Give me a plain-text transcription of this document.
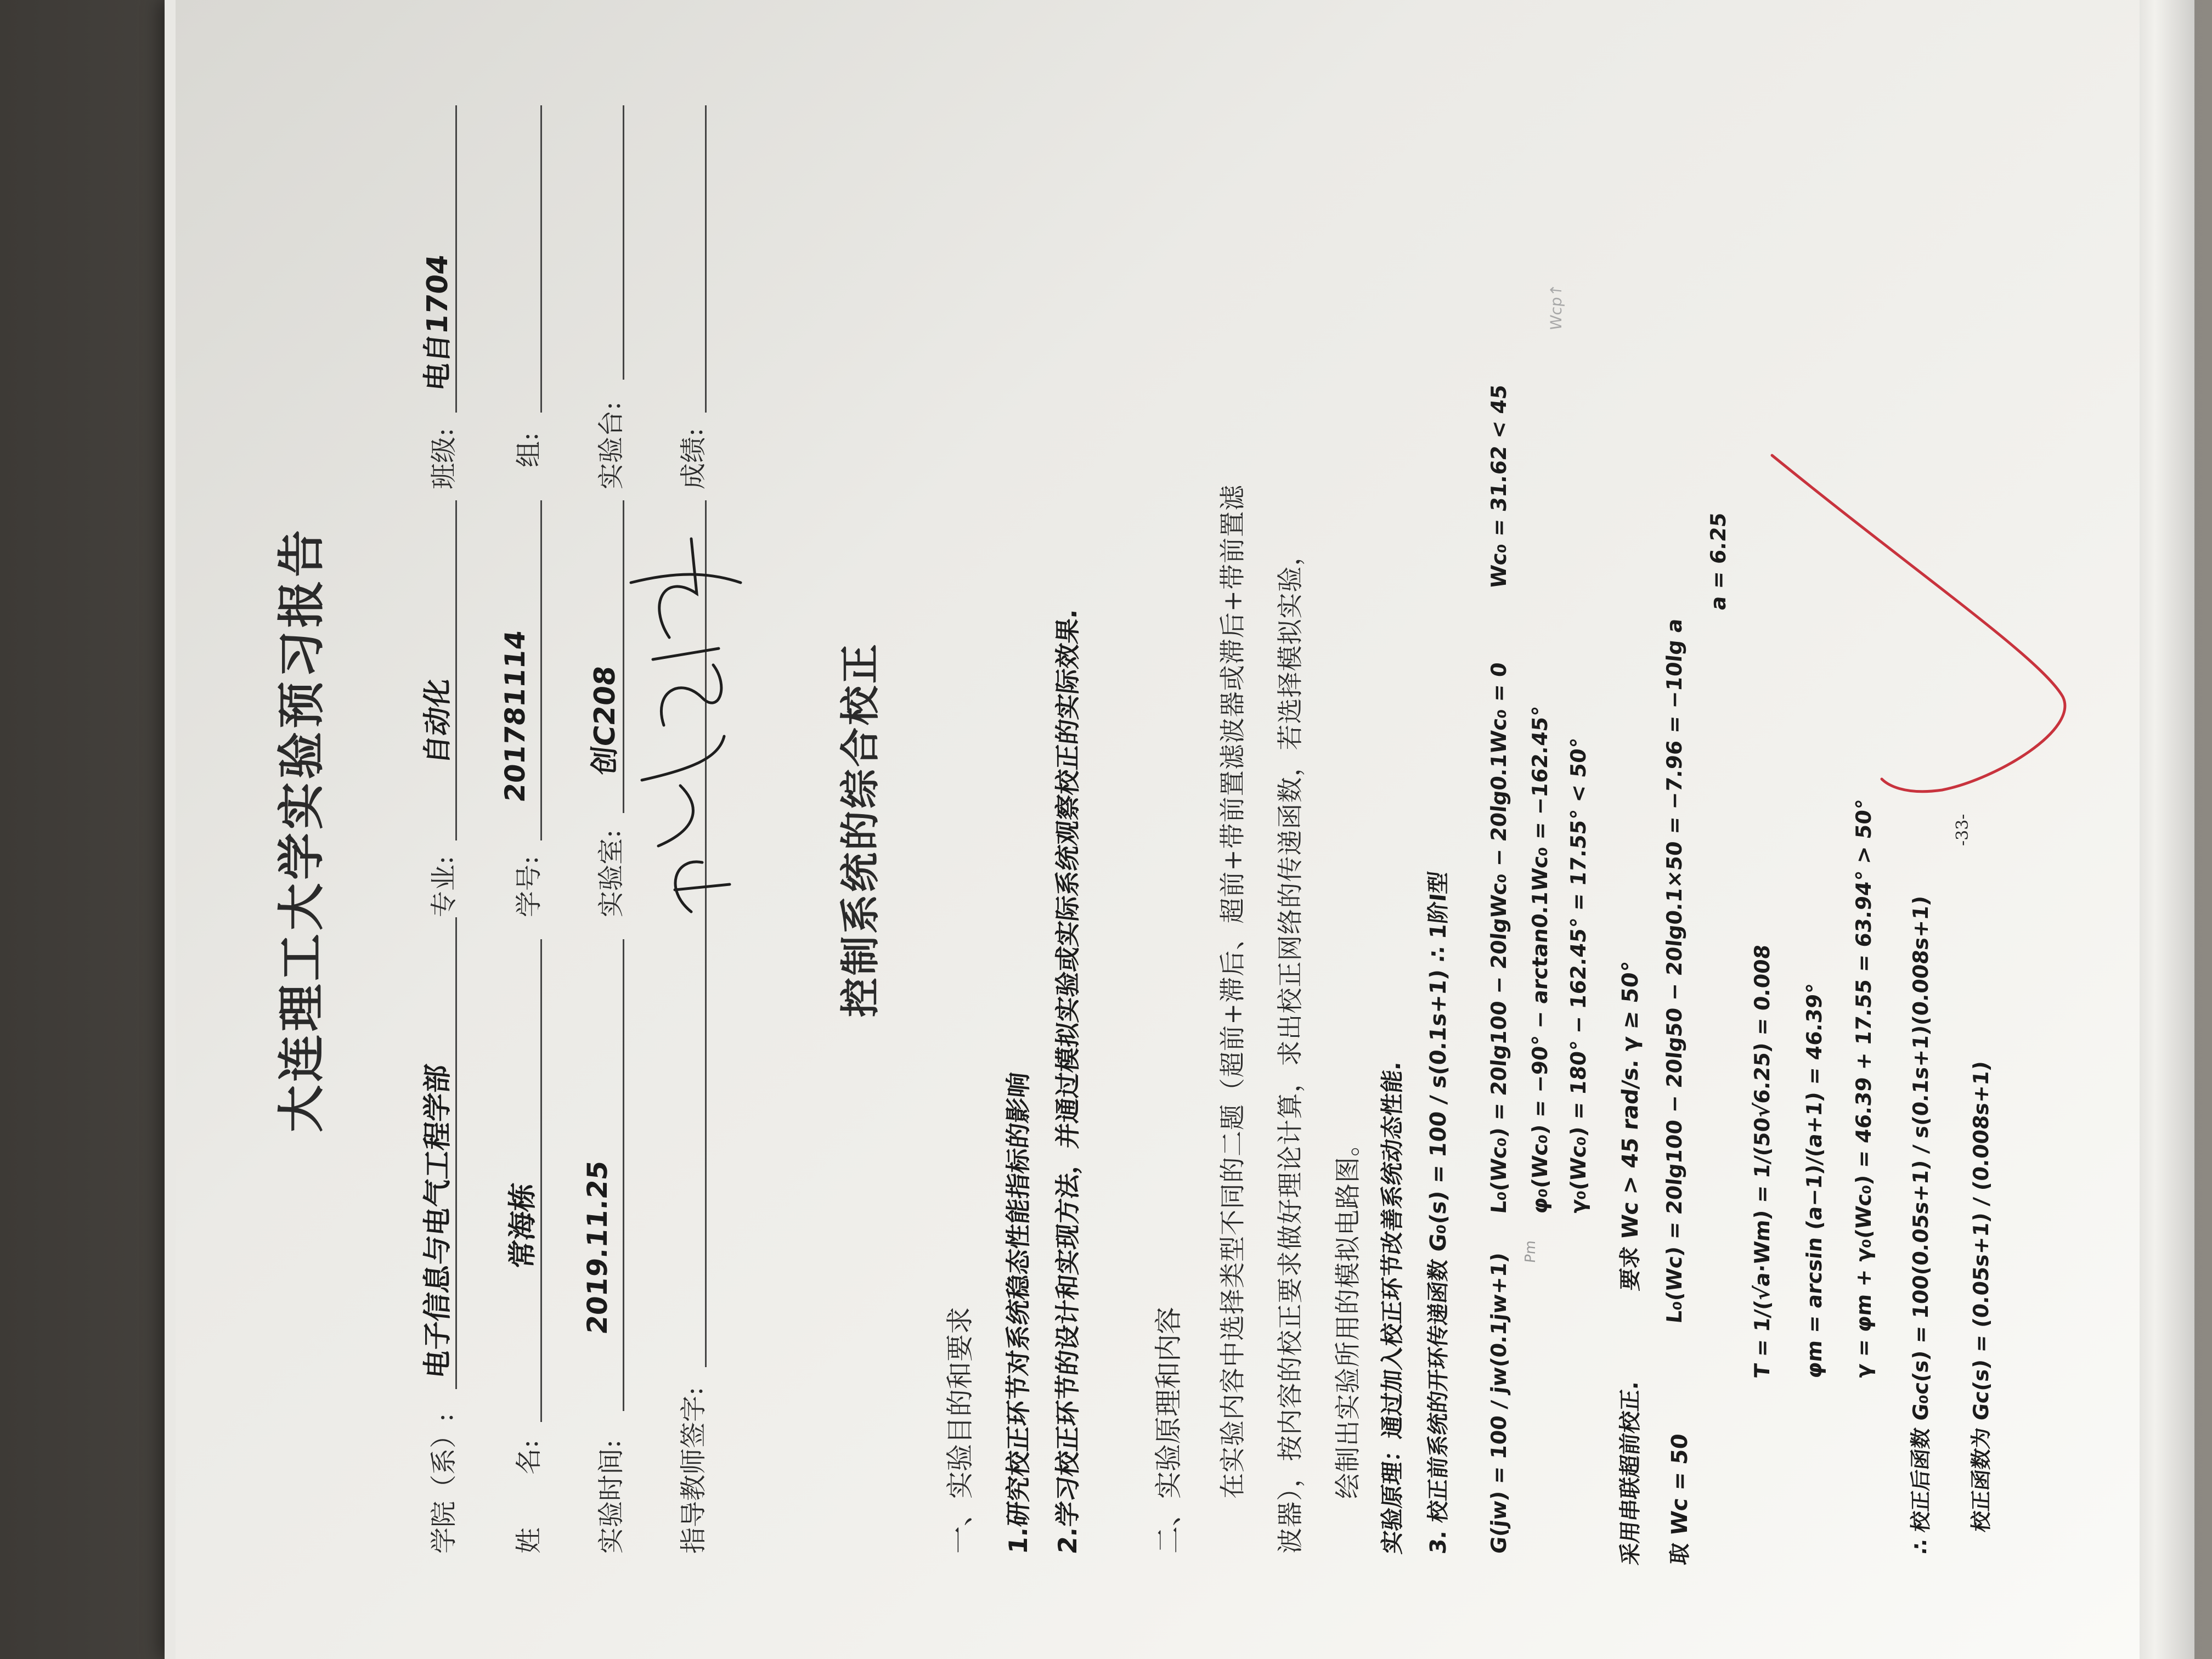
大连理工大学实验预习报告
学院（系）:
电子信息与电气工程学部
专业:
自动化
班级:
电自1704
姓　　名:
常海栋
学号:
201781114
组:
实验时间:
2019.11.25
实验室:
创C208
实验台:
指导教师签字:
成绩:
控制系统的综合校正
一、实验目的和要求 1.研究校正环节对系统稳态性能指标的影响 2.学习校正环节的设计和实现方法，并通过模拟实验或实际系统观察校正的实际效果.	二、实验原理和内容 在实验内容中选择类型不同的二题（超前+滞后、超前+带前置滤波器或滞后+带前置滤 波器），按内容的校正要求做好理论计算，求出校正网络的传递函数，若选择模拟实验， 绘制出实验所用的模拟电路图。 实验原理：通过加入校正环节改善系统动态性能. 3. 校正前系统的开环传递函数 G₀(s) = 100 / s(0.1s+1) ∴ 1阶I型 G(jw) = 100 / jw(0.1jw+1)
L₀(Wc₀) = 20lg100 − 20lgWc₀ − 20lg0.1Wc₀ = 0
Wc₀ = 31.62 < 45
Pm
φ₀(Wc₀) = −90° − arctan0.1Wc₀ = −162.45° γ₀(Wc₀) = 180° − 162.45° = 17.55° < 50°
Wcp↑
采用串联超前校正.
要求 Wc > 45 rad/s. γ ≥ 50°
取 Wc = 50
L₀(Wc) = 20lg100 − 20lg50 − 20lg0.1×50 = −7.96 = −10lg a
a = 6.25
T = 1/(√a·Wm) = 1/(50√6.25) = 0.008 φm = arcsin (a−1)/(a+1) = 46.39° γ = φm + γ₀(Wc₀) = 46.39 + 17.55 = 63.94° > 50° ∴ 校正后函数 G₀c(s) = 100(0.05s+1) / s(0.1s+1)(0.008s+1) 校正函数为 Gc(s) = (0.05s+1) / (0.008s+1)
-33-
